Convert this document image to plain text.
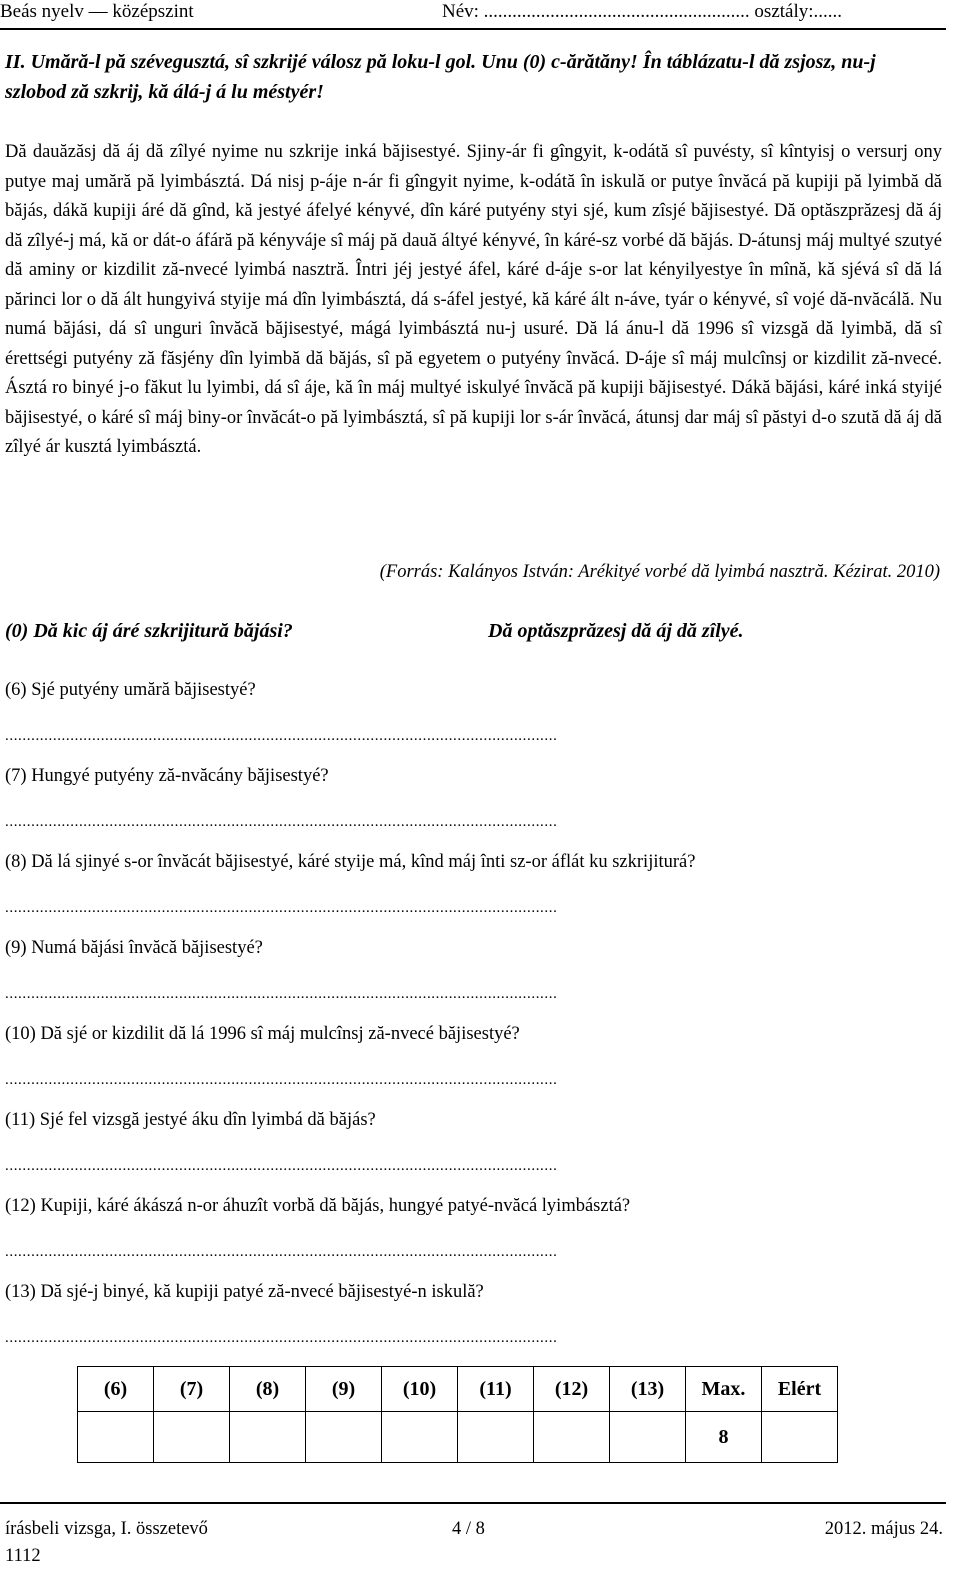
Beás nyelv — középszint	Név: ........................................................ osztály:......
II. Umără-l pă szévegusztá, sî szkrijé válosz pă loku-l gol. Unu (0) c-ărătăny! În táblázatu-l dă zsjosz, nu-j szlobod ză szkrij, kă álá-j á lu méstyér!
Dă dauăzăsj dă áj dă zîlyé nyime nu szkrije inká băjisestyé. Sjiny-ár fi gîngyit, k-odátă sî puvésty, sî kîntyisj o versurj ony putye maj umără pă lyimbásztá. Dá nisj p-áje n-ár fi gîngyit nyime, k-odátă în iskulă or putye învăcá pă kupiji pă lyimbă dă băjás, dákă kupiji áré dă gînd, kă jestyé áfelyé kényvé, dîn káré putyény styi sjé, kum zîsjé băjisestyé. Dă optăszprăzesj dă áj dă zîlyé-j má, kă or dát-o áfáră pă kényváje sî máj pă dauă áltyé kényvé, în káré-sz vorbé dă băjás. D-átunsj máj multyé szutyé dă aminy or kizdilit ză-nvecé lyimbá nasztră. Întri jéj jestyé áfel, káré d-áje s-or lat kényilyestye în mînă, kă sjévá sî dă lá părinci lor o dă ált hungyivá styije má dîn lyimbásztá, dá s-áfel jestyé, kă káré ált n-áve, tyár o kényvé, sî vojé dă-nvăcálă. Nu numá băjási, dá sî unguri învăcă băjisestyé, mágá lyimbásztá nu-j usuré. Dă lá ánu-l dă 1996 sî vizsgă dă lyimbă, dă sî érettségi putyény ză făsjény dîn lyimbă dă băjás, sî pă egyetem o putyény învăcá. D-áje sî máj mulcînsj or kizdilit ză-nvecé. Ásztá ro binyé j-o făkut lu lyimbi, dá sî áje, kă în máj multyé iskulyé învăcă pă kupiji băjisestyé. Dákă băjási, káré inká styijé băjisestyé, o káré sî máj biny-or învăcát-o pă lyimbásztá, sî pă kupiji lor s-ár învăcá, átunsj dar máj sî păstyi d-o szută dă áj dă zîlyé ár kusztá lyimbásztá.
(Forrás: Kalányos István: Arékityé vorbé dă lyimbá nasztră. Kézirat. 2010)
(0) Dă kic áj áré szkrijitură băjási?	Dă optăszprăzesj dă áj dă zîlyé.
(6) Sjé putyény umără băjisestyé?
...............................................................................................................................
(7) Hungyé putyény ză-nvăcány băjisestyé?
...............................................................................................................................
(8) Dă lá sjinyé s-or învăcát băjisestyé, káré styije má, kînd máj înti sz-or áflát ku szkrijiturá?
...............................................................................................................................
(9) Numá băjási învăcă băjisestyé?
...............................................................................................................................
(10) Dă sjé or kizdilit dă lá 1996 sî máj mulcînsj ză-nvecé băjisestyé?
...............................................................................................................................
(11) Sjé fel vizsgă jestyé áku dîn lyimbá dă băjás?
...............................................................................................................................
(12) Kupiji, káré ákászá n-or áhuzît vorbă dă băjás, hungyé patyé-nvăcá lyimbásztá?
...............................................................................................................................
(13) Dă sjé-j binyé, kă kupiji patyé ză-nvecé băjisestyé-n iskulă?
...............................................................................................................................
(6)	(7)	(8)	(9)	(10)	(11)	(12)	(13)	Max.	Elért
								8	
írásbeli vizsga, I. összetevő	4 / 8	2012. május 24.
1112
